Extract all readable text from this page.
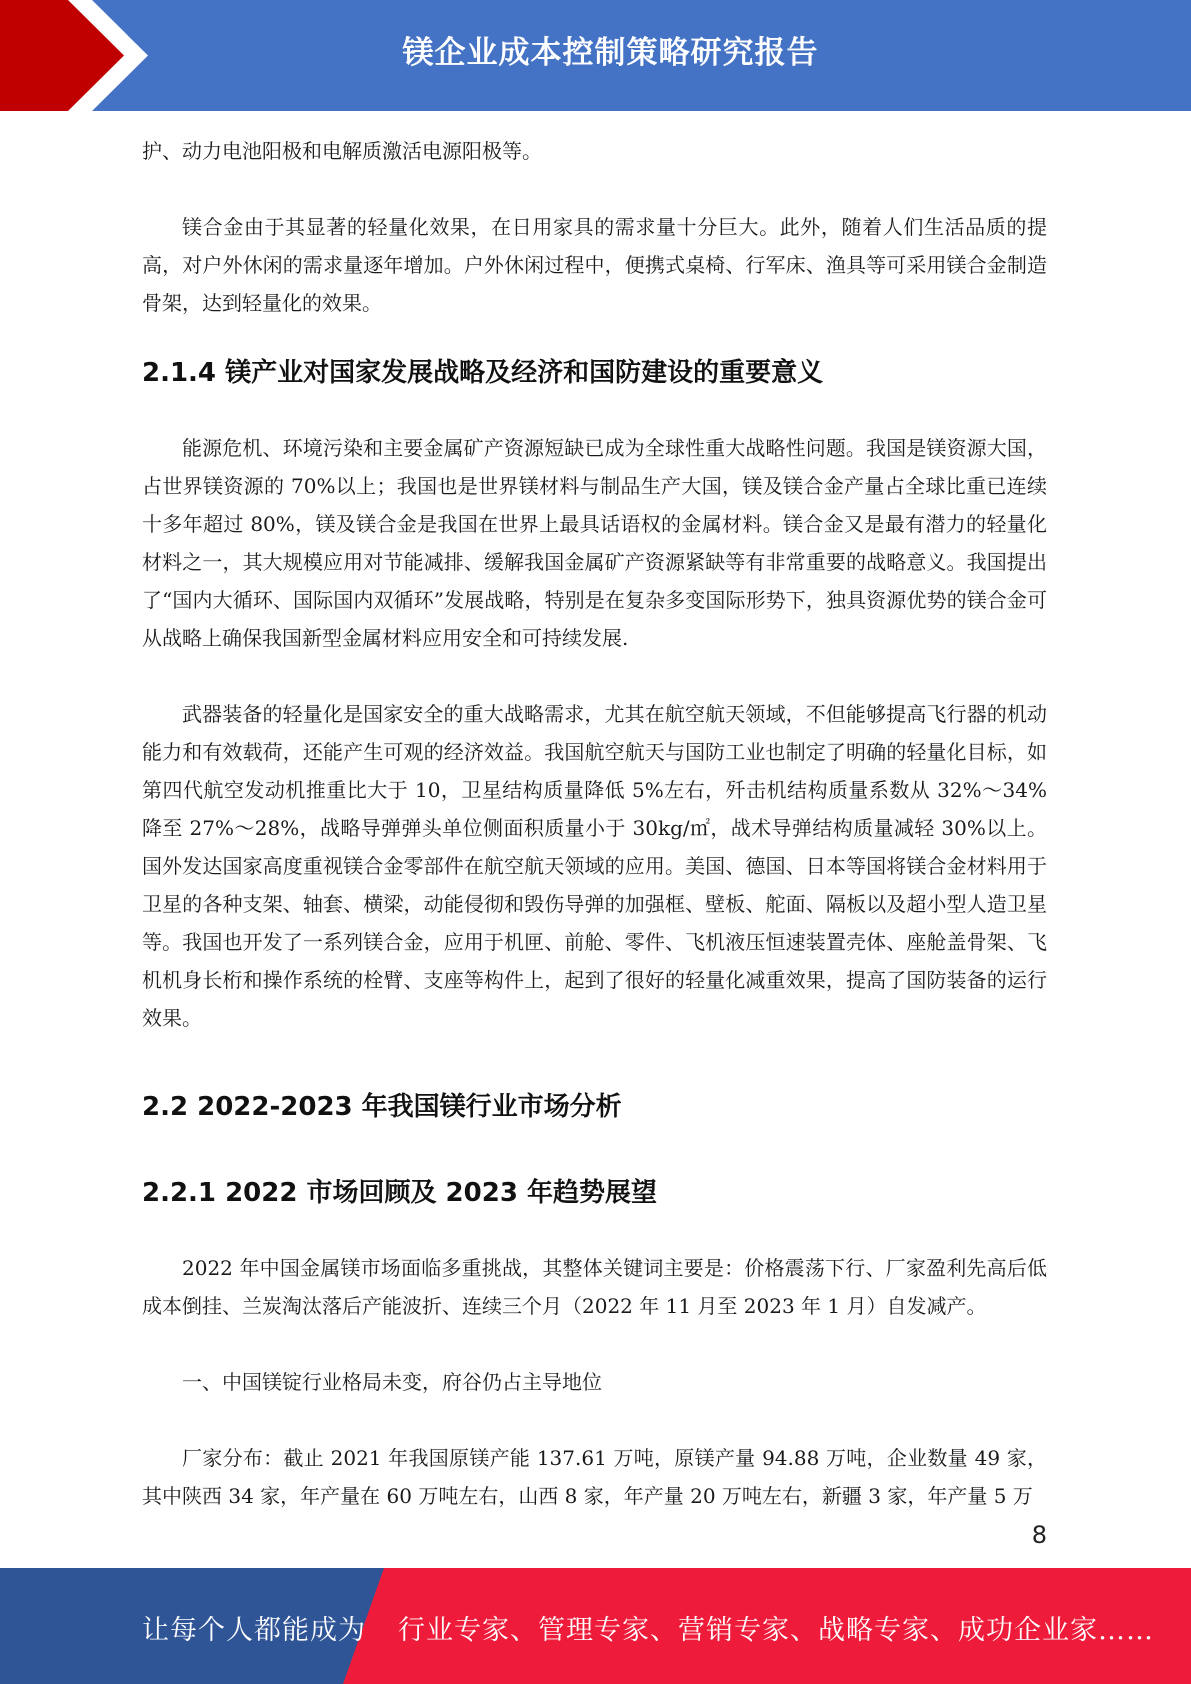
镁企业成本控制策略研究报告

护、动力电池阳极和电解质激活电源阳极等。

镁合金由于其显著的轻量化效果，在日用家具的需求量十分巨大。此外，随着人们生活品质的提高，对户外休闲的需求量逐年增加。户外休闲过程中，便携式桌椅、行军床、渔具等可采用镁合金制造骨架，达到轻量化的效果。

2.1.4 镁产业对国家发展战略及经济和国防建设的重要意义

能源危机、环境污染和主要金属矿产资源短缺已成为全球性重大战略性问题。我国是镁资源大国，占世界镁资源的 70%以上；我国也是世界镁材料与制品生产大国，镁及镁合金产量占全球比重已连续十多年超过 80%，镁及镁合金是我国在世界上最具话语权的金属材料。镁合金又是最有潜力的轻量化材料之一，其大规模应用对节能减排、缓解我国金属矿产资源紧缺等有非常重要的战略意义。我国提出了“国内大循环、国际国内双循环”发展战略，特别是在复杂多变国际形势下，独具资源优势的镁合金可从战略上确保我国新型金属材料应用安全和可持续发展.

武器装备的轻量化是国家安全的重大战略需求，尤其在航空航天领域，不但能够提高飞行器的机动能力和有效载荷，还能产生可观的经济效益。我国航空航天与国防工业也制定了明确的轻量化目标，如第四代航空发动机推重比大于 10，卫星结构质量降低 5%左右，歼击机结构质量系数从 32%～34% 降至 27%～28%，战略导弹弹头单位侧面积质量小于 30kg/㎡，战术导弹结构质量减轻 30%以上。国外发达国家高度重视镁合金零部件在航空航天领域的应用。美国、德国、日本等国将镁合金材料用于卫星的各种支架、轴套、横梁，动能侵彻和毁伤导弹的加强框、壁板、舵面、隔板以及超小型人造卫星等。我国也开发了一系列镁合金，应用于机匣、前舱、零件、飞机液压恒速装置壳体、座舱盖骨架、飞机机身长桁和操作系统的栓臂、支座等构件上，起到了很好的轻量化减重效果，提高了国防装备的运行效果。

2.2 2022-2023 年我国镁行业市场分析
2.2.1 2022 市场回顾及 2023 年趋势展望

2022 年中国金属镁市场面临多重挑战，其整体关键词主要是：价格震荡下行、厂家盈利先高后低成本倒挂、兰炭淘汰落后产能波折、连续三个月（2022 年 11 月至 2023 年 1 月）自发减产。

一、中国镁锭行业格局未变，府谷仍占主导地位

厂家分布：截止 2021 年我国原镁产能 137.61 万吨，原镁产量 94.88 万吨，企业数量 49 家，其中陕西 34 家，年产量在 60 万吨左右，山西 8 家，年产量 20 万吨左右，新疆 3 家，年产量 5 万

8
让每个人都能成为 行业专家、管理专家、营销专家、战略专家、成功企业家……
